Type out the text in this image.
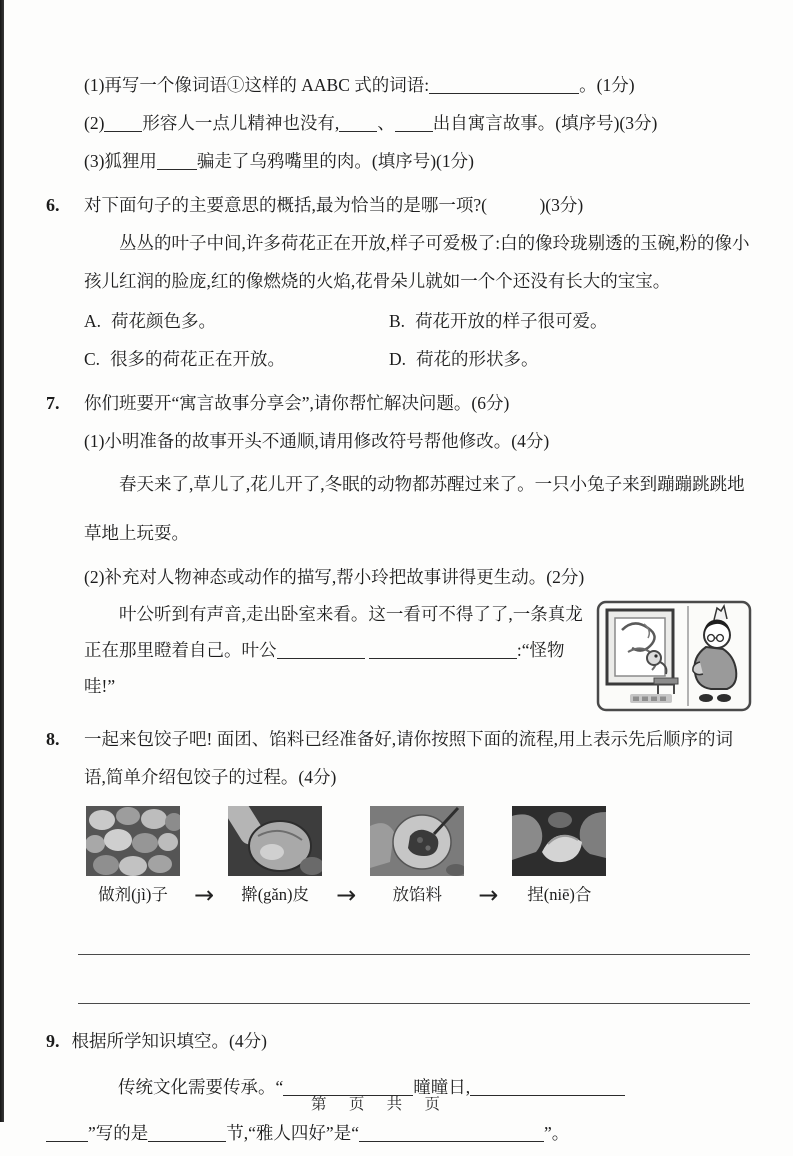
(1)再写一个像词语①这样的 AABC 式的词语:	。(1分)

(2) 形容人一点儿精神也没有, 、 出自寓言故事。(填序号)(3分)

(3)狐狸用 骗走了乌鸦嘴里的肉。(填序号)(1分)

6.	对下面句子的主要意思的概括,最为恰当的是哪一项?(　　　)(3分)

丛丛的叶子中间,许多荷花正在开放,样子可爱极了:白的像玲珑剔透的玉碗,粉的像小孩儿红润的脸庞,红的像燃烧的火焰,花骨朵儿就如一个个还没有长大的宝宝。

A. 荷花颜色多。	B. 荷花开放的样子很可爱。
C. 很多的荷花正在开放。	D. 荷花的形状多。
7.	你们班要开“寓言故事分享会”,请你帮忙解决问题。(6分)

(1)小明准备的故事开头不通顺,请用修改符号帮他修改。(4分)

春天来了,草儿了,花儿开了,冬眠的动物都苏醒过来了。一只小兔子来到蹦蹦跳跳地草地上玩耍。

(2)补充对人物神态或动作的描写,帮小玲把故事讲得更生动。(2分)

叶公听到有声音,走出卧室来看。这一看可不得了了,一条真龙正在那里瞪着自己。叶公	:“怪物哇!”

8.	一起来包饺子吧! 面团、馅料已经准备好,请你按照下面的流程,用上表示先后顺序的词语,简单介绍包饺子的过程。(4分)

做剂(jì)子 → 擀(gǎn)皮 → 放馅料 → 捏(niē)合
9. 根据所学知识填空。(4分)
传统文化需要传承。“	曈曈日,
”写的是	节,“雅人四好”是“	”。
第 页 共 页
